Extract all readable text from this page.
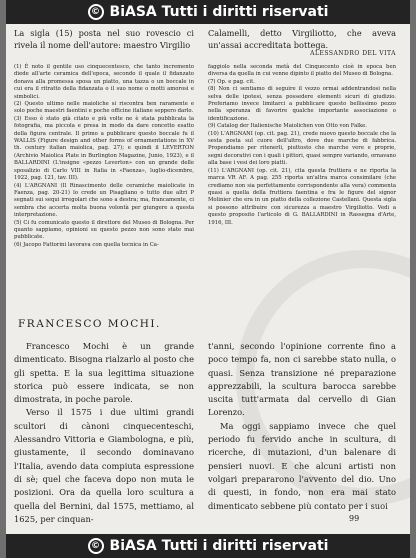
© BiASA Tutti i diritti riservati
La sigla (15) posta nel suo rovescio ci rivela il nome dell'autore: maestro Virgilio
Calamelli, detto Virgiliotto, che aveva un'assai accreditata bottega.
ALESSANDRO DEL VITA

(1) È noto il gentile uso cinquecentesco, che tanto incremento diede all'arte ceramica dell'epoca, secondo il quale il fidanzato donava alla promessa sposa un piatto, una tazza o un boccale in cui era il ritratto della fidanzata o il suo nome o motti amorosi e simbolici.

(2) Questo ultimo nelle maioliche si riscontra ben raramente e solo poche maestri faentini e poche officine italiane seppero darlo.

(3) Esso è stato già citato e più volte ne è stata pubblicata la fotografia, ma piccola e presa in modo da dare concetto esatto della figura centrale. Il primo a pubblicare questo boccale fu il WALLIS (Figure design and other forms of ornamentations in XV th. century italian maiolica, pag. 27); e quindi il LEVERTON (Archivio Maiolica Plate in Burlington Magazine, Junio, 1923), e il BALLARDINI (L'insigne «pezzo Leverton» con un grande delle sposalizio di Carlo VIII in Italia in «Faenza», luglio-dicembre, 1922, pag. 121, tav. III).

(4) L'ARGNANI (Il Rinascimento delle ceramiche maiolicate in Faenza, pag. 20-21) lo crede un Pisagliano o tutto due altri P segnati sui sequi irregolari che sono a destra; ma, francamente, ci sembra che accerta molta buona volontà per giungere a questa interpretazione.

(5) Ci fu comunicato questo il direttore del Museo di Bologna. Per quanto sappiamo, opinioni su questo pezzo non sono state mai pubblicate.

(6) Jacopo Fattorini lavorava con quella tecnica in Ca-

faggiolo nella seconda metà del Cinquecento cioè in epoca ben diversa da quella in cui venne dipinto il piatto del Museo di Bologna.

(7) Op. e pag. cit.

(8) Non ci sentiamo di seguire il vezzo ormai addentrandosi nella selva delle ipotesi, senza possedere elementi sicuri di giudizio. Preferiamo invece limitarci a pubblicare questo bellissimo pezzo nella speranza di favorire qualche importante associazione o identificazione.

(9) Catalog der Italienische Maiolichen von Otto von Falke.

(10) L'ARGNANI (op. cit. pag. 21), crede nuovo questo boccale che la sesta posta sul cuore dell'altro, dove due marche di fabbrica. Propendiamo per ritenerli, piuttosto che marche vere e proprie, segni decorativi con i quali i pittori, quasi sempre variando, ornavano alla base i vesi dei loro piatti.

(11) L'ARGNANI (op. cit. 21), cita questa fruttiera e ne riporta la marca VR AF. A pag. 255 riporta un'altra marca consimilare (che crediamo non sia perfettamente corrispondente alla vera) commenta quasi a quella della fruttiera faentina e fra le figure del signor Molinier che era in un piatto della collezione Castellani. Questa sigla si possono attribuire con sicurezza a maestro Virgiliotto. Vedi a questo proposito l'articolo di G. BALLARDINI in Rassegna d'Arte, 1916, III.

FRANCESCO MOCHI.

Francesco Mochi è un grande dimenticato. Bisogna rialzarlo al posto che gli spetta. E la sua legittima situazione storica può essere indicata, se non dimostrata, in poche parole.

Verso il 1575 i due ultimi grandi scultori di cànoni cinquecenteschi, Alessandro Vittoria e Giambologna, e più, giustamente, il secondo dominavano l'Italia, avendo data compiuta espressione di sè; quel che faceva dopo non muta le posizioni. Ora da quella loro scultura a quella del Bernini, dal 1575, mettiamo, al 1625, per cinquan-

t'anni, secondo l'opinione corrente fino a poco tempo fa, non ci sarebbe stato nulla, o quasi. Senza transizione né preparazione apprezzabili, la scultura barocca sarebbe uscita tutt'armata dal cervello di Gian Lorenzo.

Ma oggi sappiamo invece che quel periodo fu fervido anche in scultura, di ricerche, di mutazioni, d'un balenare di pensieri nuovi. E che alcuni artisti non volgari prepararono l'avvento del dio. Uno di questi, in fondo, non era mai stato dimenticato sebbene più contato per i suoi

99
© BiASA Tutti i diritti riservati
